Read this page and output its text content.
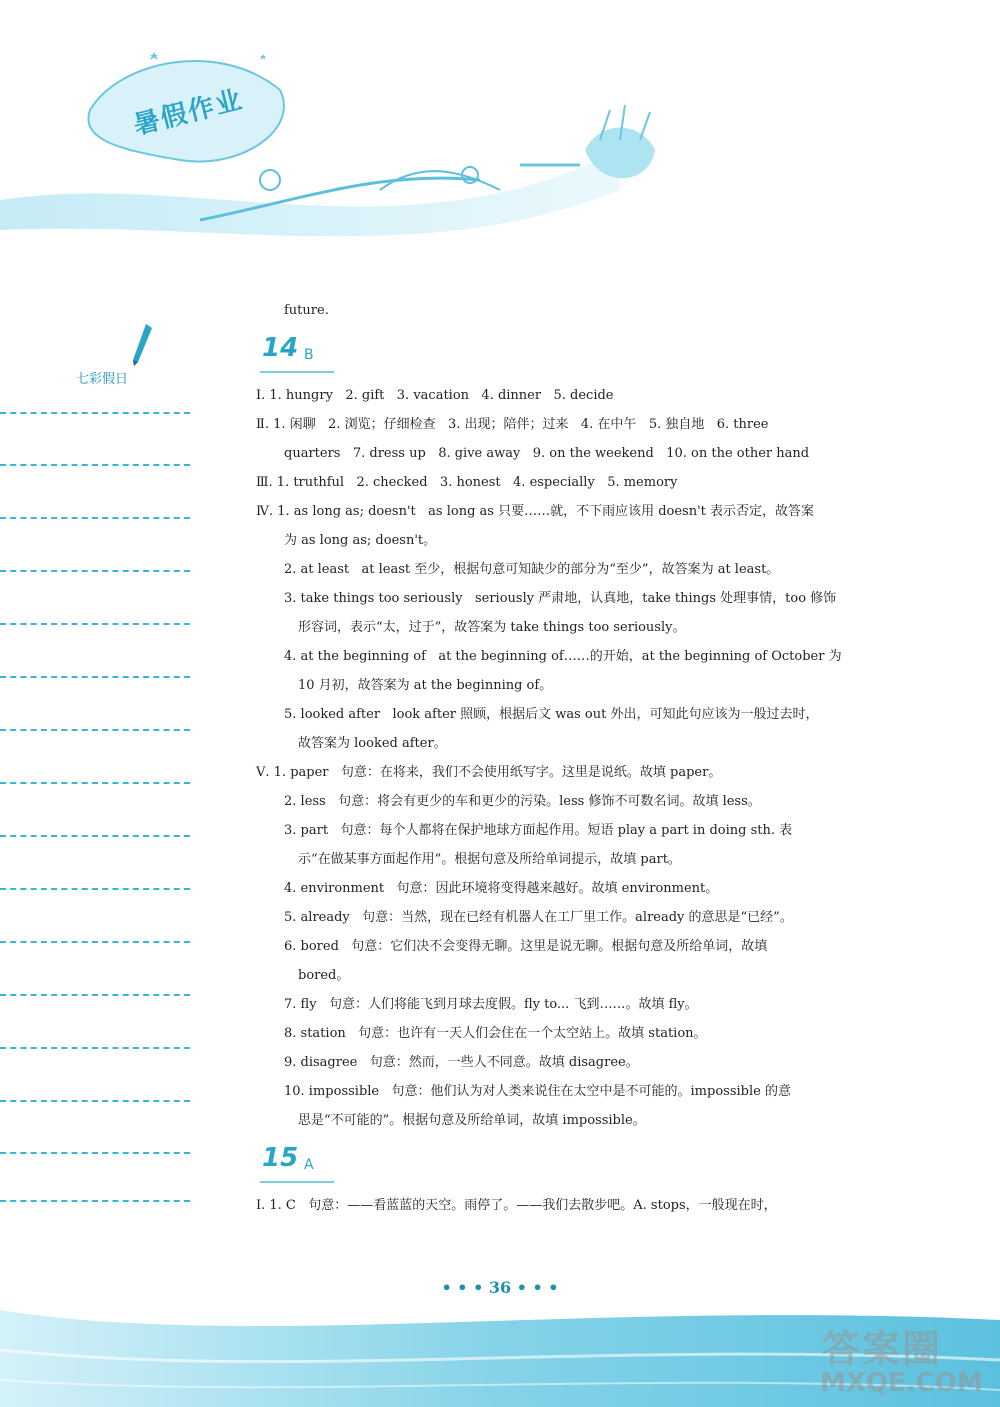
暑假作业
七彩假日
future.
14 B
Ⅰ. 1. hungry   2. gift   3. vacation   4. dinner   5. decide
Ⅱ. 1. 闲聊   2. 浏览；仔细检查   3. 出现；陪伴；过来   4. 在中午   5. 独自地   6. three
quarters   7. dress up   8. give away   9. on the weekend   10. on the other hand
Ⅲ. 1. truthful   2. checked   3. honest   4. especially   5. memory
Ⅳ. 1. as long as; doesn't   as long as 只要……就，不下雨应该用 doesn't 表示否定，故答案
为 as long as; doesn't。
2. at least   at least 至少，根据句意可知缺少的部分为“至少”，故答案为 at least。
3. take things too seriously   seriously 严肃地，认真地，take things 处理事情，too 修饰
形容词，表示“太，过于”，故答案为 take things too seriously。
4. at the beginning of   at the beginning of……的开始，at the beginning of October 为
10 月初，故答案为 at the beginning of。
5. looked after   look after 照顾，根据后文 was out 外出，可知此句应该为一般过去时，
故答案为 looked after。
Ⅴ. 1. paper   句意：在将来，我们不会使用纸写字。这里是说纸。故填 paper。
2. less   句意：将会有更少的车和更少的污染。less 修饰不可数名词。故填 less。
3. part   句意：每个人都将在保护地球方面起作用。短语 play a part in doing sth. 表
示“在做某事方面起作用”。根据句意及所给单词提示，故填 part。
4. environment   句意：因此环境将变得越来越好。故填 environment。
5. already   句意：当然，现在已经有机器人在工厂里工作。already 的意思是“已经”。
6. bored   句意：它们决不会变得无聊。这里是说无聊。根据句意及所给单词，故填
bored。
7. fly   句意：人们将能飞到月球去度假。fly to... 飞到……。故填 fly。
8. station   句意：也许有一天人们会住在一个太空站上。故填 station。
9. disagree   句意：然而，一些人不同意。故填 disagree。
10. impossible   句意：他们认为对人类来说住在太空中是不可能的。impossible 的意
思是“不可能的”。根据句意及所给单词，故填 impossible。
15 A
Ⅰ. 1. C   句意：——看蓝蓝的天空。雨停了。——我们去散步吧。A. stops，一般现在时，
• • • 36 • • •
答案圈
MXQE.COM
